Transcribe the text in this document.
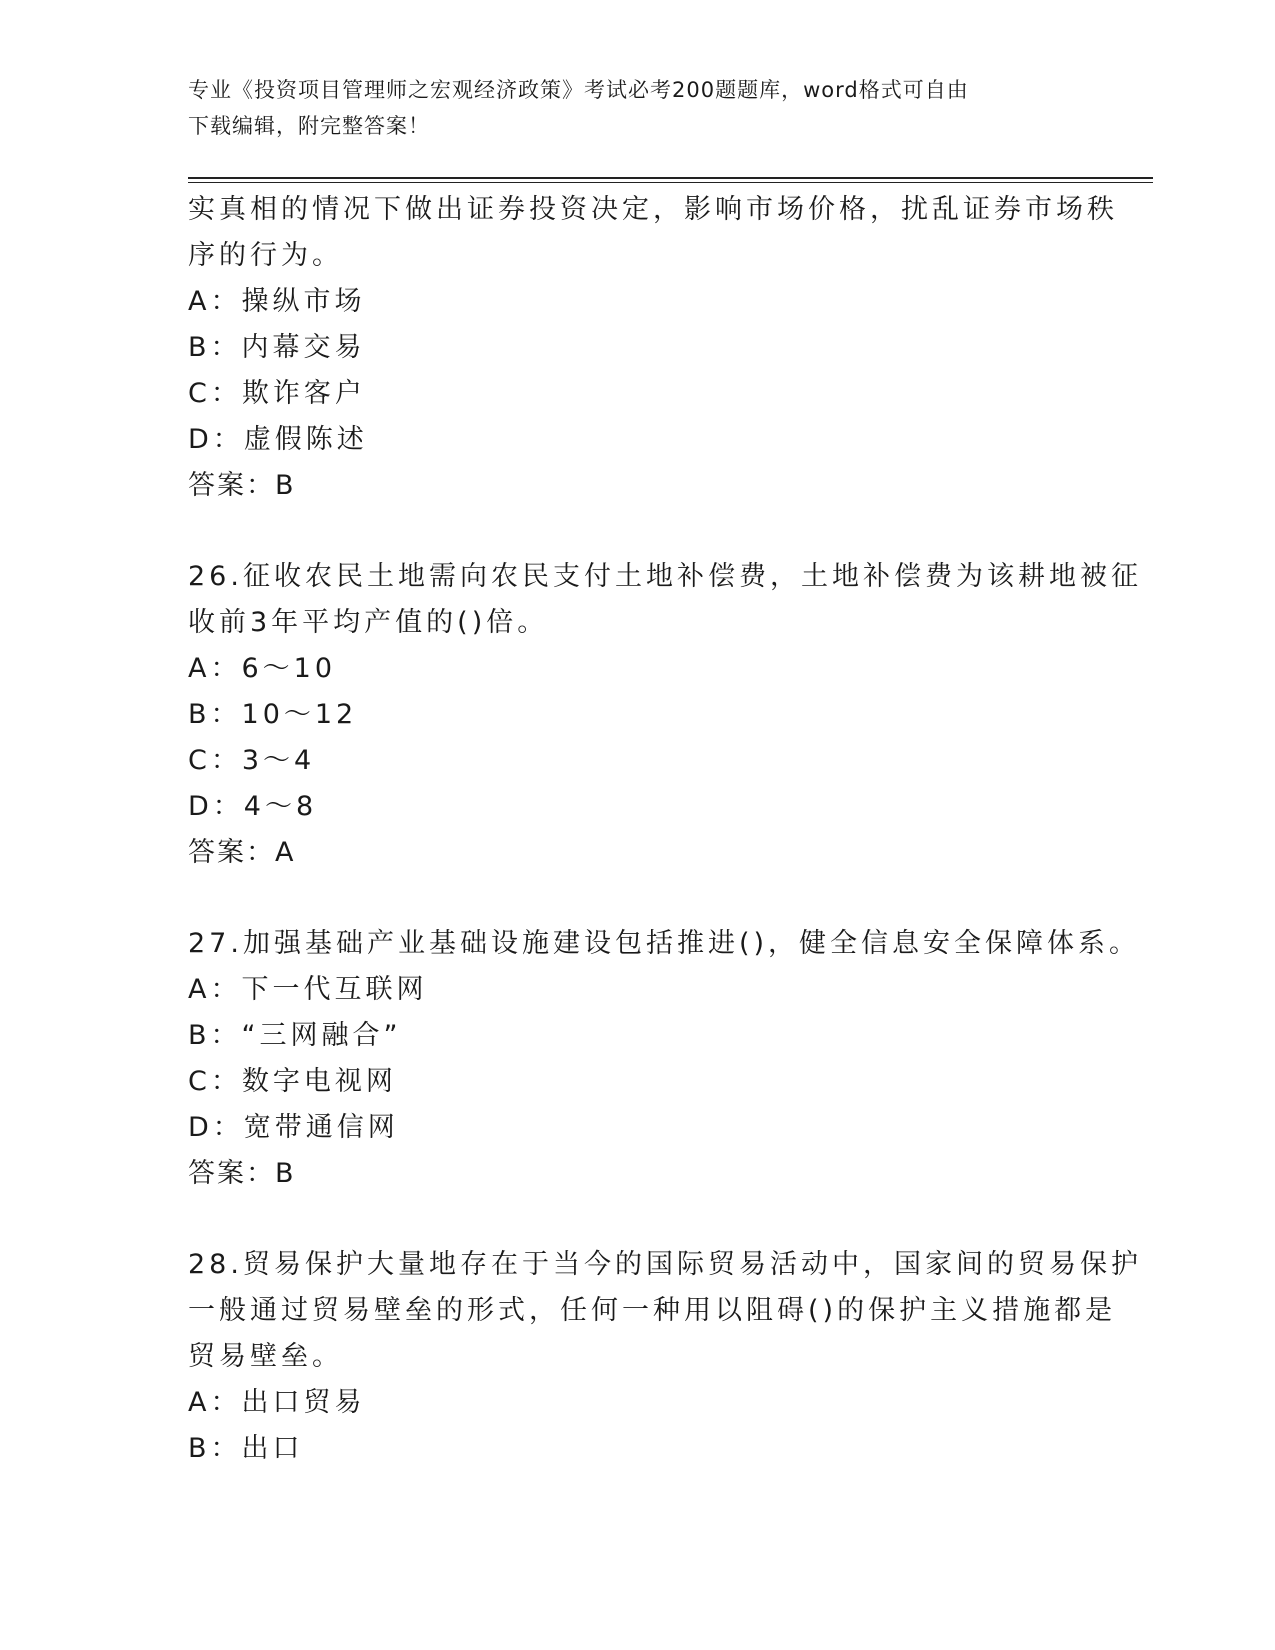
专业《投资项目管理师之宏观经济政策》考试必考200题题库，word格式可自由
下载编辑，附完整答案！
实真相的情况下做出证券投资决定，影响市场价格，扰乱证券市场秩
序的行为。
A：操纵市场
B：内幕交易
C：欺诈客户
D：虚假陈述
答案：B
26.征收农民土地需向农民支付土地补偿费，土地补偿费为该耕地被征
收前3年平均产值的()倍。
A：6～10
B：10～12
C：3～4
D：4～8
答案：A
27.加强基础产业基础设施建设包括推进()，健全信息安全保障体系。
A：下一代互联网
B：“三网融合”
C：数字电视网
D：宽带通信网
答案：B
28.贸易保护大量地存在于当今的国际贸易活动中，国家间的贸易保护
一般通过贸易壁垒的形式，任何一种用以阻碍()的保护主义措施都是
贸易壁垒。
A：出口贸易
B：出口
